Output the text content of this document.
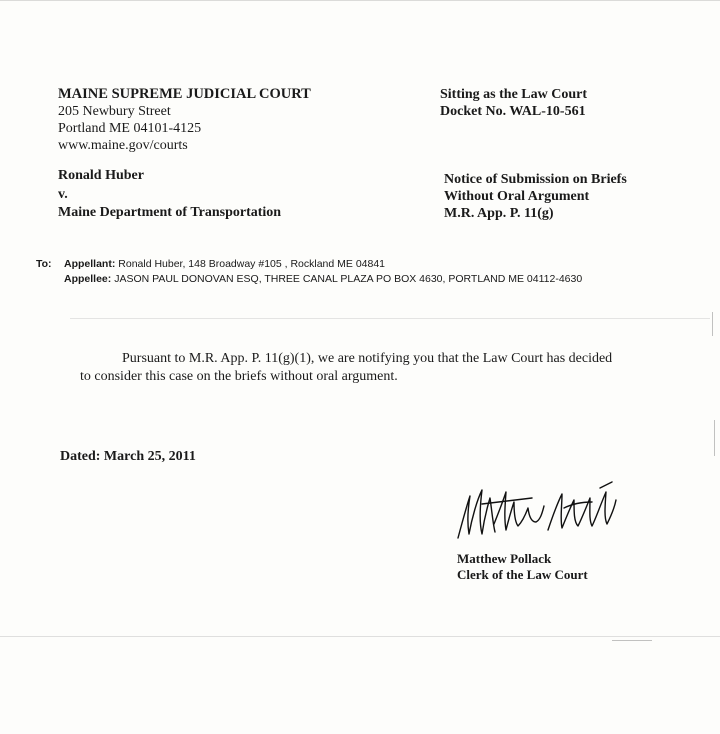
MAINE SUPREME JUDICIAL COURT
205 Newbury Street
Portland ME 04101-4125
www.maine.gov/courts
Sitting as the Law Court
Docket No. WAL-10-561
Ronald Huber
v.
Maine Department of Transportation
Notice of Submission on Briefs
Without Oral Argument
M.R. App. P. 11(g)
To: Appellant: Ronald Huber, 148 Broadway #105 , Rockland ME 04841
Appellee: JASON PAUL DONOVAN ESQ, THREE CANAL PLAZA PO BOX 4630, PORTLAND ME 04112-4630
Pursuant to M.R. App. P. 11(g)(1), we are notifying you that the Law Court has decided
to consider this case on the briefs without oral argument.
Dated: March 25, 2011
Matthew Pollack
Clerk of the Law Court
